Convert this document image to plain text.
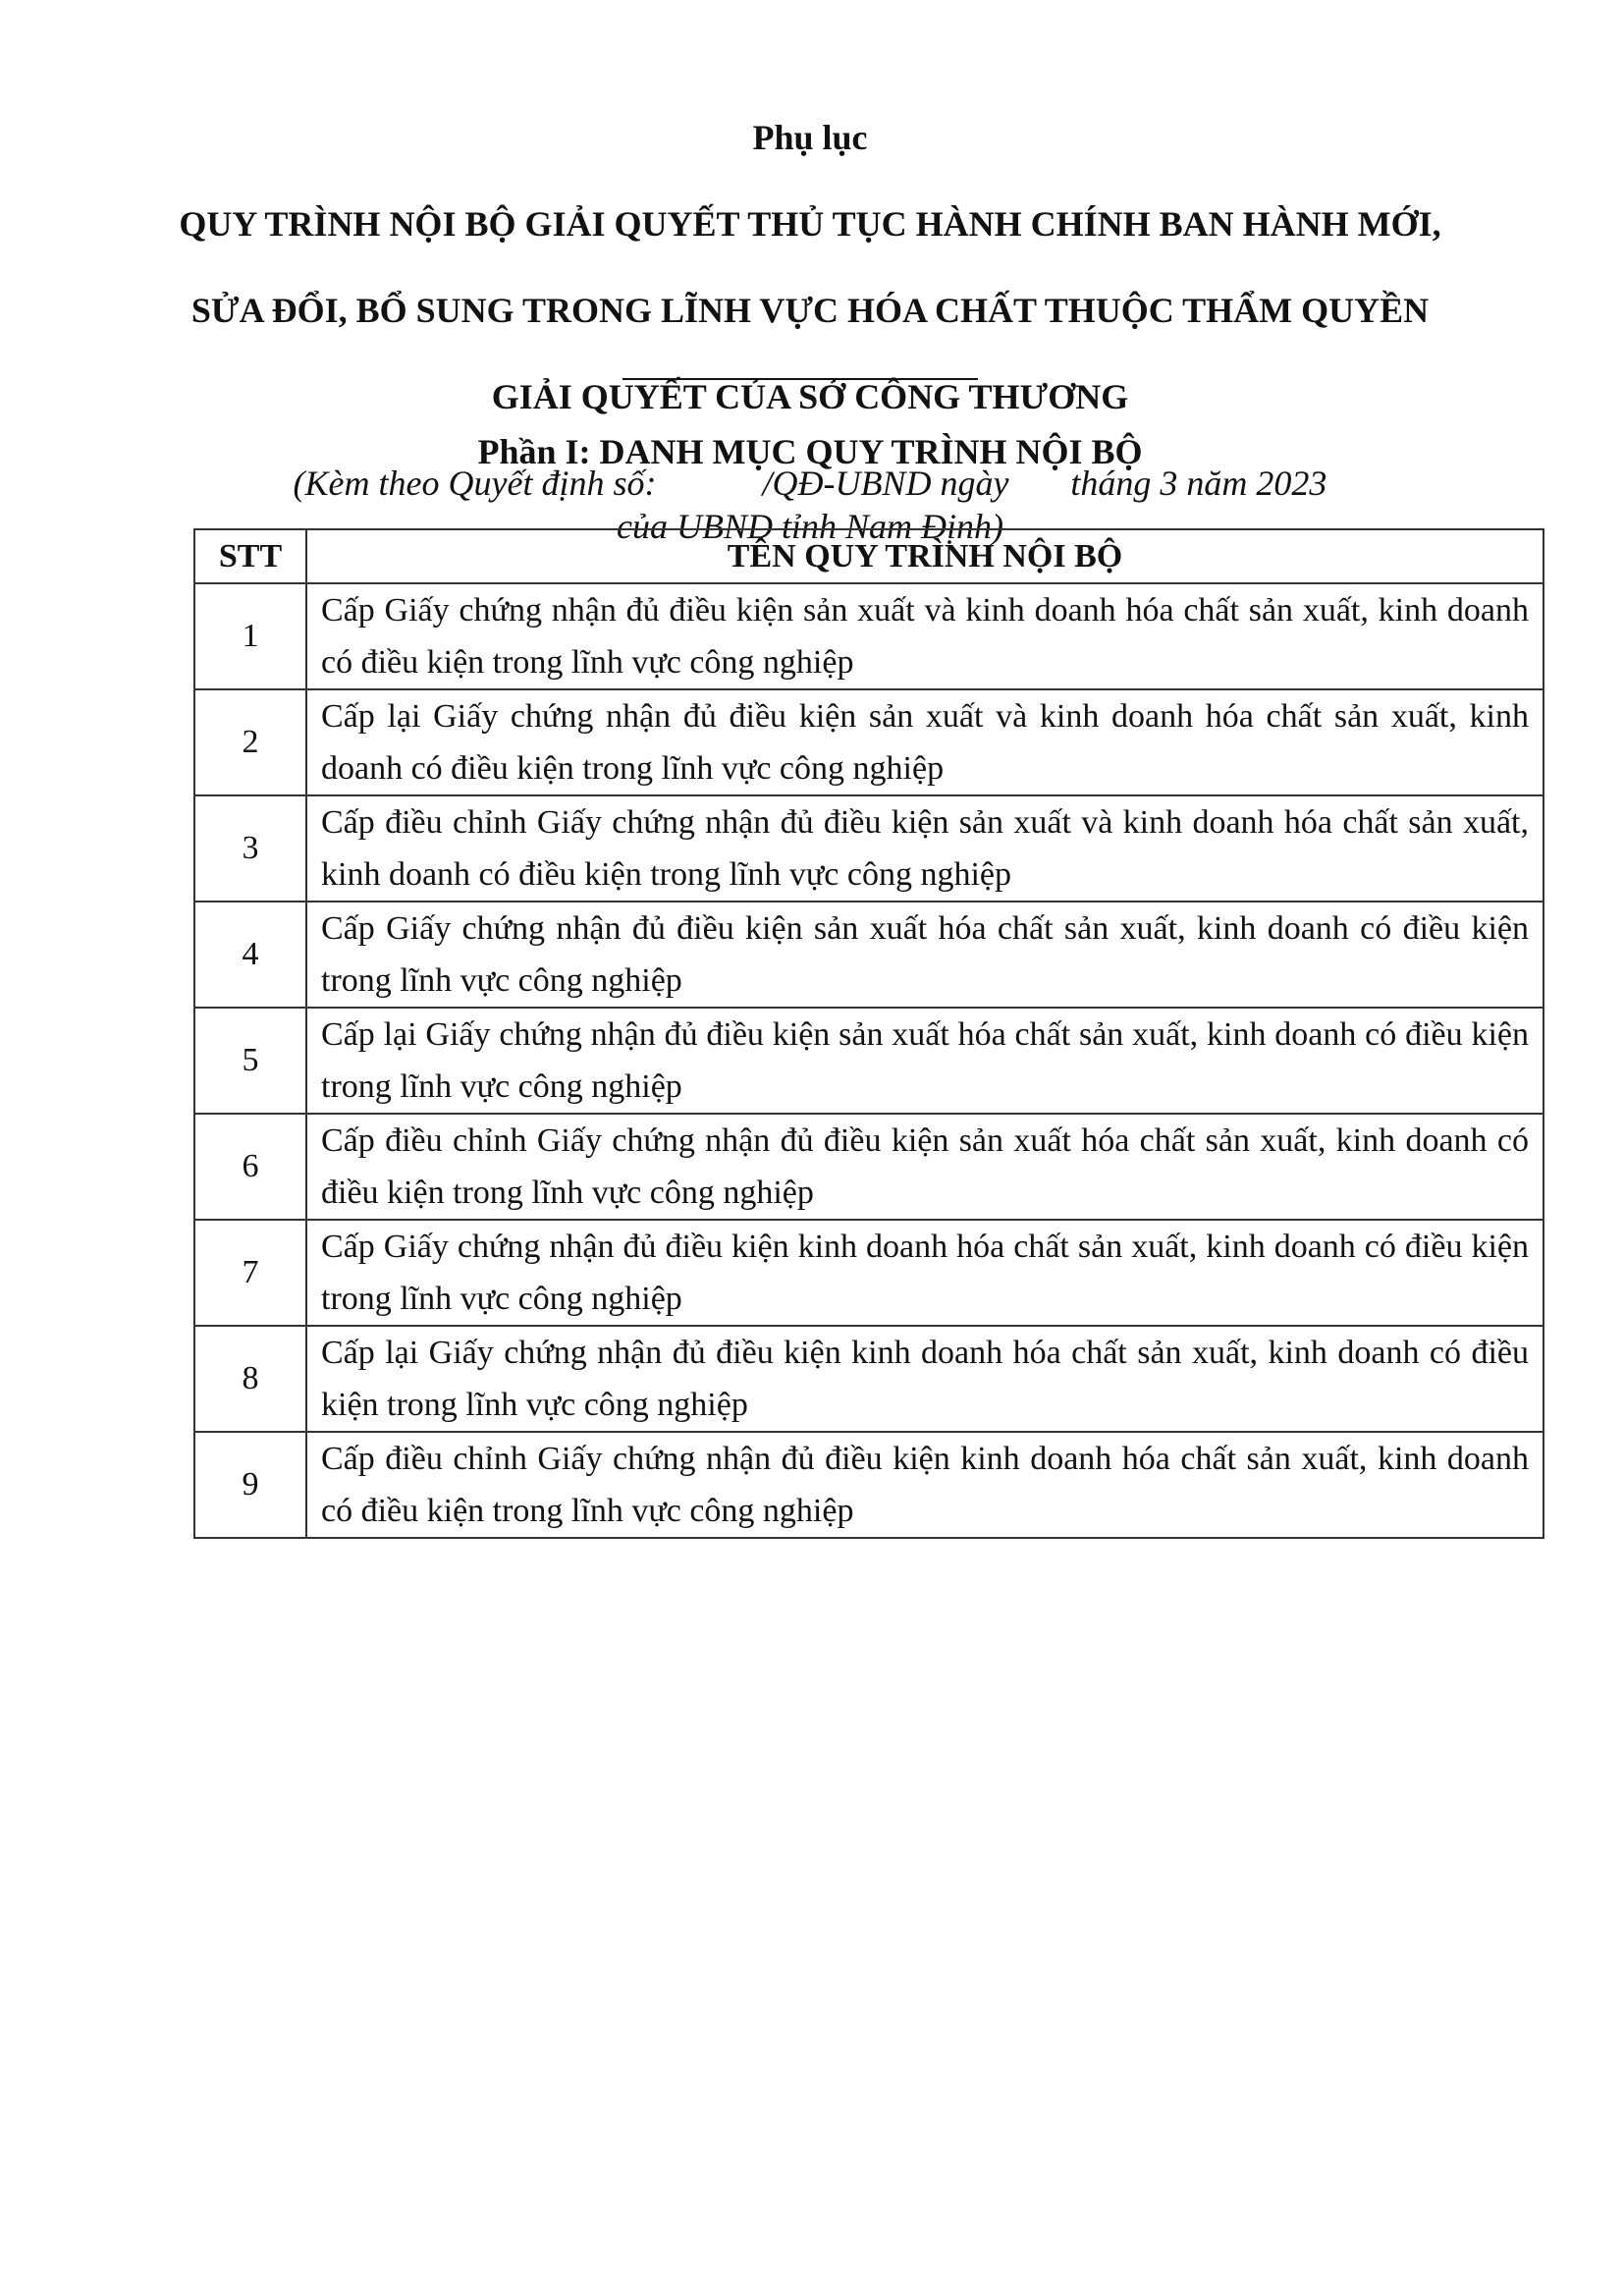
Phụ lục

QUY TRÌNH NỘI BỘ GIẢI QUYẾT THỦ TỤC HÀNH CHÍNH BAN HÀNH MỚI,

SỬA ĐỔI, BỔ SUNG TRONG LĨNH VỰC HÓA CHẤT THUỘC THẨM QUYỀN

GIẢI QUYẾT CỦA SỞ CÔNG THƯƠNG

(Kèm theo Quyết định số:            /QĐ-UBND ngày       tháng 3 năm 2023
của UBND tỉnh Nam Định)
Phần I: DANH MỤC QUY TRÌNH NỘI BỘ
STT	TÊN QUY TRÌNH NỘI BỘ
1	Cấp Giấy chứng nhận đủ điều kiện sản xuất và kinh doanh hóa chất sản xuất, kinh doanh có điều kiện trong lĩnh vực công nghiệp
2	Cấp lại Giấy chứng nhận đủ điều kiện sản xuất và kinh doanh hóa chất sản xuất, kinh doanh có điều kiện trong lĩnh vực công nghiệp
3	Cấp điều chỉnh Giấy chứng nhận đủ điều kiện sản xuất và kinh doanh hóa chất sản xuất, kinh doanh có điều kiện trong lĩnh vực công nghiệp
4	Cấp Giấy chứng nhận đủ điều kiện sản xuất hóa chất sản xuất, kinh doanh có điều kiện trong lĩnh vực công nghiệp
5	Cấp lại Giấy chứng nhận đủ điều kiện sản xuất hóa chất sản xuất, kinh doanh có điều kiện trong lĩnh vực công nghiệp
6	Cấp điều chỉnh Giấy chứng nhận đủ điều kiện sản xuất hóa chất sản xuất, kinh doanh có điều kiện trong lĩnh vực công nghiệp
7	Cấp Giấy chứng nhận đủ điều kiện kinh doanh hóa chất sản xuất, kinh doanh có điều kiện trong lĩnh vực công nghiệp
8	Cấp lại Giấy chứng nhận đủ điều kiện kinh doanh hóa chất sản xuất, kinh doanh có điều kiện trong lĩnh vực công nghiệp
9	Cấp điều chỉnh Giấy chứng nhận đủ điều kiện kinh doanh hóa chất sản xuất, kinh doanh có điều kiện trong lĩnh vực công nghiệp
